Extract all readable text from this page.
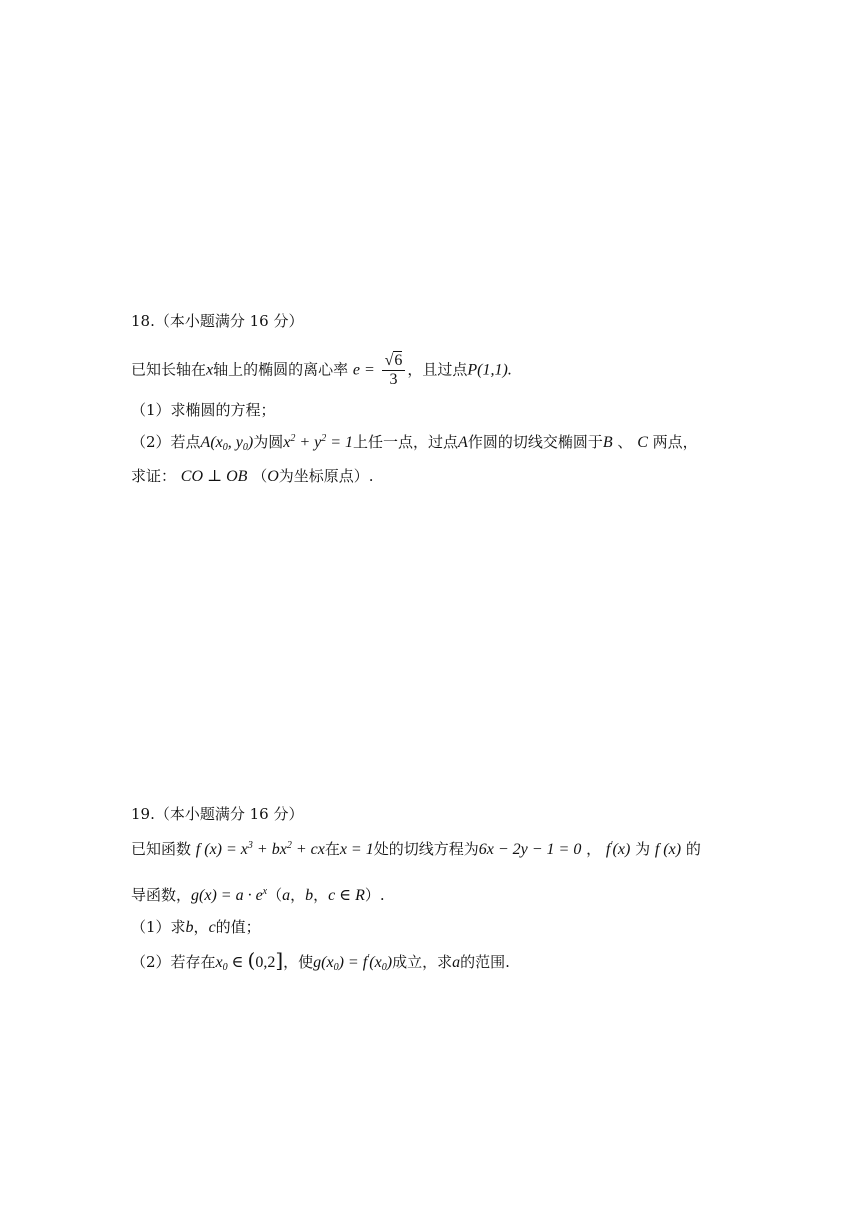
18.（本小题满分 16 分）
已知长轴在x轴上的椭圆的离心率 $e = \frac{√6}{3}$ ，且过点P(1,1).
（1）求椭圆的方程；
（2）若点$A(x_0$, $y_0$)为圆$x^2 + y^2 = 1$上任一点，过点A作圆的切线交椭圆于B 、 C 两点，
求证： CO ⊥ OB （O为坐标原点）.
19.（本小题满分 16 分）
已知函数 f $(x) = x^3 + bx^2$ + cx在x = 1处的切线方程为6x − 2y − 1 = 0 ， f'(x) 为 f (x) 的
导函数，$g(x) = a \cdot e^x(a$，b，c ∈ R）.
（1）求b，c的值；
（2）若存在$x_0$ ∈ (0,2]，使$g(x_0) = f'(x_0)$成立，求a的范围.
